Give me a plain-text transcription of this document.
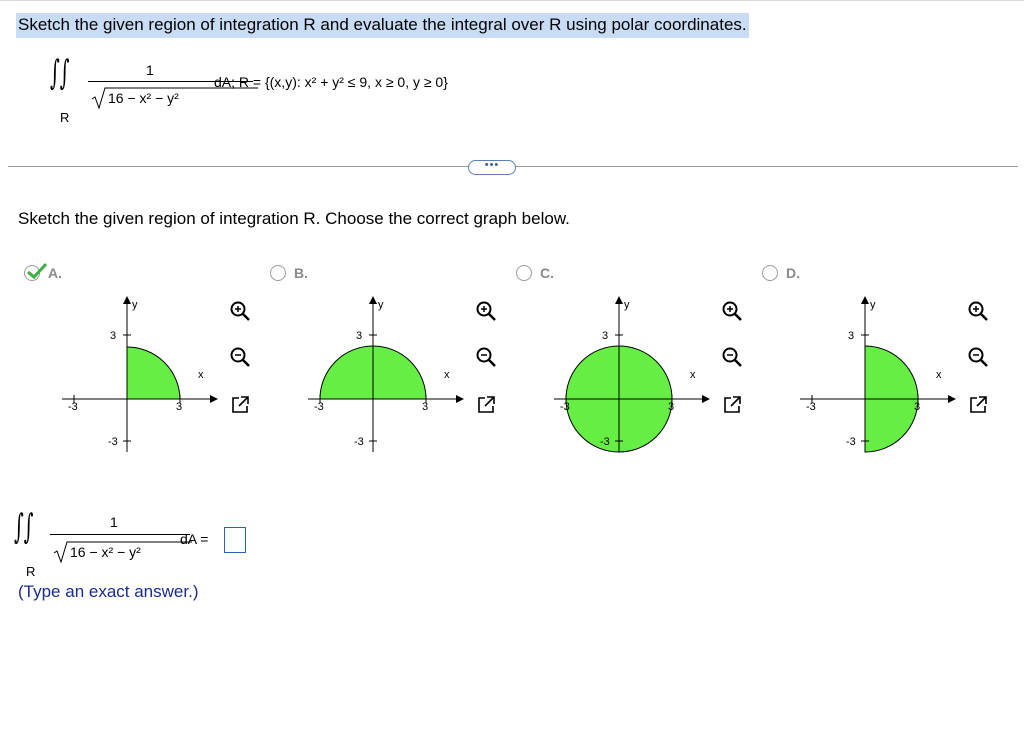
Sketch the given region of integration R and evaluate the integral over R using polar coordinates.
∫∫
R
1
16 − x² − y²
dA; R = {(x,y): x² + y² ≤ 9, x ≥ 0, y ≥ 0}
•••
Sketch the given region of integration R. Choose the correct graph below.
A.
y
x
3
-3
-3	3
B.
y
x
3
-3
-3	3
C.
y
x
3
-3
-3	3
D.
y
x
3
-3
-3	3
∫∫
R
1
16 − x² − y²
dA =
(Type an exact answer.)
